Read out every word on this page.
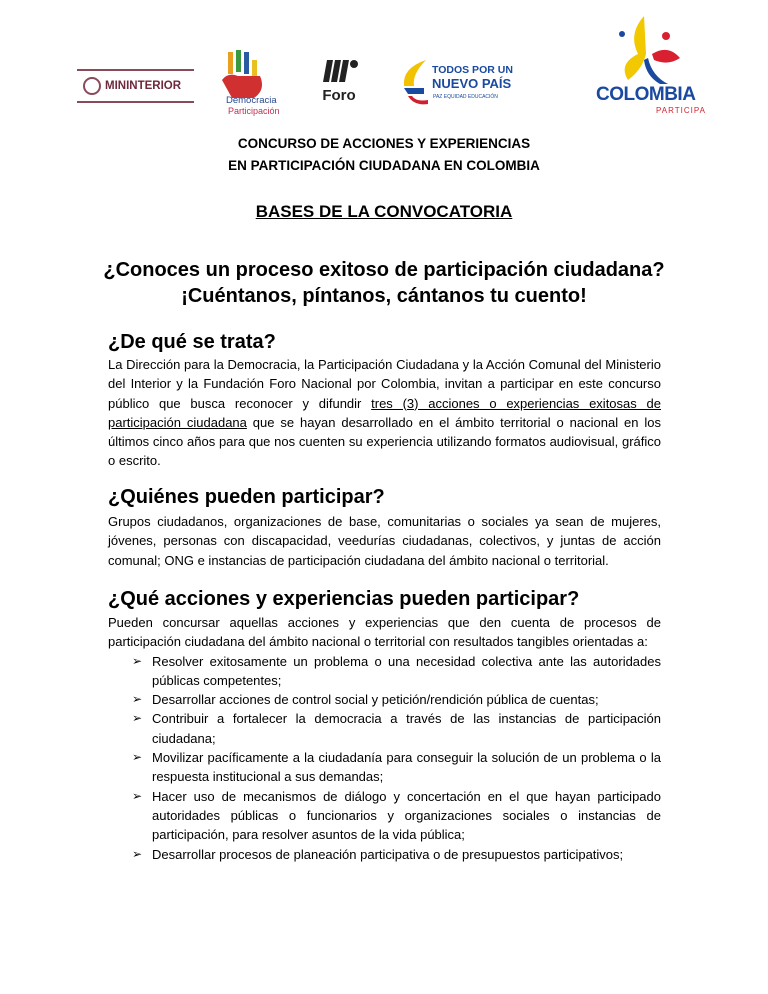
MININTERIOR
Democracia
Participación
Foro
TODOS POR UN
NUEVO PAÍS
PAZ EQUIDAD EDUCACIÓN	COLOMBIA
PARTICIPA
CONCURSO DE ACCIONES Y EXPERIENCIAS
EN PARTICIPACIÓN CIUDADANA EN COLOMBIA
BASES DE LA CONVOCATORIA
¿Conoces un proceso exitoso de participación ciudadana?
¡Cuéntanos, píntanos, cántanos tu cuento!
¿De qué se trata?
La Dirección para la Democracia, la Participación Ciudadana y la Acción Comunal del Ministerio del Interior y la Fundación Foro Nacional por Colombia, invitan a participar en este concurso público que busca reconocer y difundir tres (3) acciones o experiencias exitosas de participación ciudadana que se hayan desarrollado en el ámbito territorial o nacional en los últimos cinco años para que nos cuenten su experiencia utilizando formatos audiovisual, gráfico o escrito.
¿Quiénes pueden participar?
Grupos ciudadanos, organizaciones de base, comunitarias o sociales ya sean de mujeres, jóvenes, personas con discapacidad, veedurías ciudadanas, colectivos, y juntas de acción comunal; ONG e instancias de participación ciudadana del ámbito nacional o territorial.
¿Qué acciones y experiencias pueden participar?
Pueden concursar aquellas acciones y experiencias que den cuenta de procesos de participación ciudadana del ámbito nacional o territorial con resultados tangibles orientadas a:
➢ Resolver exitosamente un problema o una necesidad colectiva ante las autoridades públicas competentes;
➢ Desarrollar acciones de control social y petición/rendición pública de cuentas;
➢ Contribuir a fortalecer la democracia a través de las instancias de participación ciudadana;
➢ Movilizar pacíficamente a la ciudadanía para conseguir la solución de un problema o la respuesta institucional a sus demandas;
➢ Hacer uso de mecanismos de diálogo y concertación en el que hayan participado autoridades públicas o funcionarios y organizaciones sociales o instancias de participación, para resolver asuntos de la vida pública;
➢ Desarrollar procesos de planeación participativa o de presupuestos participativos;
